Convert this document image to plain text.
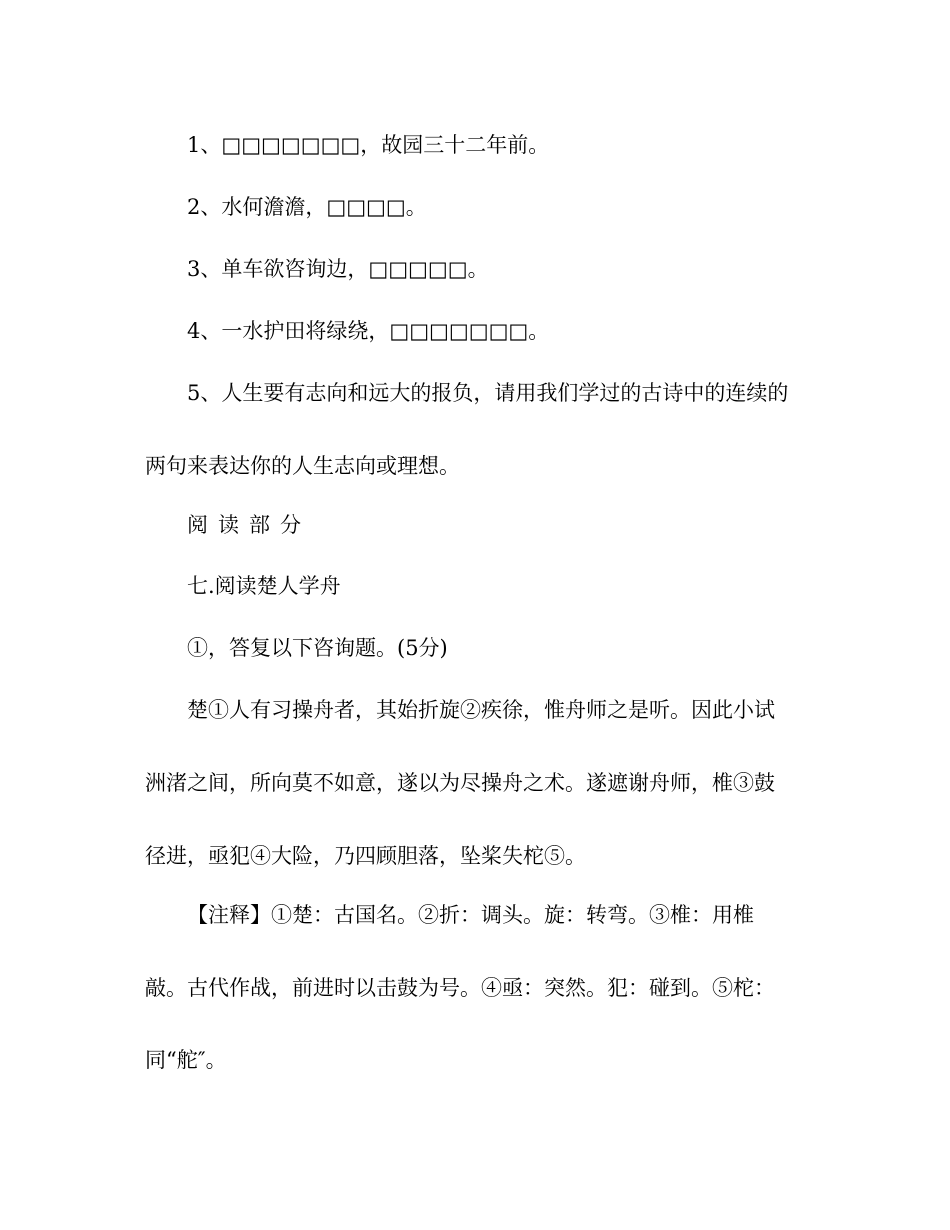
1、□□□□□□□，故园三十二年前。
2、水何澹澹，□□□□。
3、单车欲咨询边，□□□□□。
4、一水护田将绿绕，□□□□□□□。
5、人生要有志向和远大的报负，请用我们学过的古诗中的连续的
两句来表达你的人生志向或理想。
阅读部分
七.阅读楚人学舟
①，答复以下咨询题。(5分)
楚①人有习操舟者，其始折旋②疾徐，惟舟师之是听。因此小试
洲渚之间，所向莫不如意，遂以为尽操舟之术。遂遮谢舟师，椎③鼓
径进，亟犯④大险，乃四顾胆落，坠桨失柁⑤。
【注释】①楚：古国名。②折：调头。旋：转弯。③椎：用椎
敲。古代作战，前进时以击鼓为号。④亟：突然。犯：碰到。⑤柁：
同“舵″。
